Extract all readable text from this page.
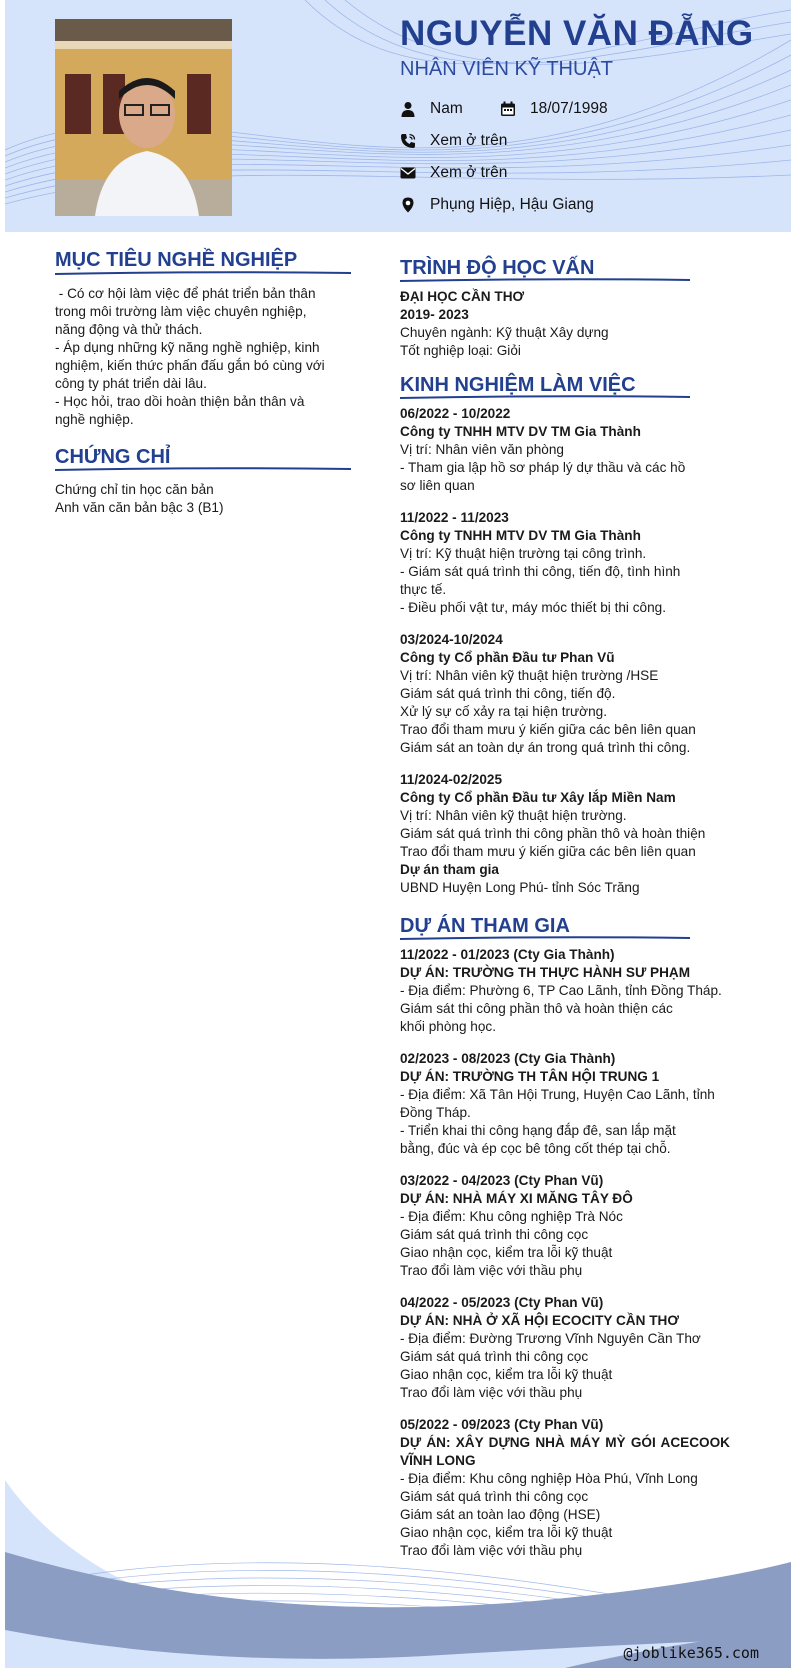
NGUYỄN VĂN ĐẴNG
NHÂN VIÊN KỸ THUẬT
Nam	18/07/1998
Xem ở trên
Xem ở trên
Phụng Hiệp, Hậu Giang
MỤC TIÊU NGHỀ NGHIỆP
- Có cơ hội làm việc để phát triển bản thân
trong môi trường làm việc chuyên nghiệp,
năng động và thử thách.
- Áp dụng những kỹ năng nghề nghiệp, kinh
nghiệm, kiến thức phấn đấu gắn bó cùng với
công ty phát triển dài lâu.
- Học hỏi, trao dồi hoàn thiện bản thân và
nghề nghiệp.
CHỨNG CHỈ
Chứng chỉ tin học căn bản
Anh văn căn bản bậc 3 (B1)
TRÌNH ĐỘ HỌC VẤN
ĐẠI HỌC CẦN THƠ
2019- 2023
Chuyên ngành: Kỹ thuật Xây dựng
Tốt nghiệp loại: Giỏi
KINH NGHIỆM LÀM VIỆC
06/2022 - 10/2022
Công ty TNHH MTV DV TM Gia Thành
Vị trí: Nhân viên văn phòng
- Tham gia lập hồ sơ pháp lý dự thầu và các hồ
sơ liên quan
11/2022 - 11/2023
Công ty TNHH MTV DV TM Gia Thành
Vị trí: Kỹ thuật hiện trường tại công trình.
- Giám sát quá trình thi công, tiến độ, tình hình
thực tế.
- Điều phối vật tư, máy móc thiết bị thi công.
03/2024-10/2024
Công ty Cổ phần Đầu tư Phan Vũ
Vị trí: Nhân viên kỹ thuật hiện trường /HSE
Giám sát quá trình thi công, tiến độ.
Xử lý sự cố xảy ra tại hiện trường.
Trao đổi tham mưu ý kiến giữa các bên liên quan
Giám sát an toàn dự án trong quá trình thi công.
11/2024-02/2025
Công ty Cổ phần Đầu tư Xây lắp Miền Nam
Vị trí: Nhân viên kỹ thuật hiện trường.
Giám sát quá trình thi công phần thô và hoàn thiện
Trao đổi tham mưu ý kiến giữa các bên liên quan
Dự án tham gia
UBND Huyện Long Phú- tỉnh Sóc Trăng
DỰ ÁN THAM GIA
11/2022 - 01/2023 (Cty Gia Thành)
DỰ ÁN: TRƯỜNG TH THỰC HÀNH SƯ PHẠM
- Địa điểm: Phường 6, TP Cao Lãnh, tỉnh Đồng Tháp.
Giám sát thi công phần thô và hoàn thiện các
khối phòng học.
02/2023 - 08/2023 (Cty Gia Thành)
DỰ ÁN: TRƯỜNG TH TÂN HỘI TRUNG 1
- Địa điểm: Xã Tân Hội Trung, Huyện Cao Lãnh, tỉnh
Đồng Tháp.
- Triển khai thi công hạng đắp đê, san lắp mặt
bằng, đúc và ép cọc bê tông cốt thép tại chỗ.
03/2022 - 04/2023 (Cty Phan Vũ)
DỰ ÁN: NHÀ MÁY XI MĂNG TÂY ĐÔ
- Địa điểm: Khu công nghiệp Trà Nóc
Giám sát quá trình thi công cọc
Giao nhận cọc, kiểm tra lỗi kỹ thuật
Trao đổi làm việc với thầu phụ
04/2022 - 05/2023 (Cty Phan Vũ)
DỰ ÁN: NHÀ Ở XÃ HỘI ECOCITY CẦN THƠ
- Địa điểm: Đường Trương Vĩnh Nguyên Cần Thơ
Giám sát quá trình thi công cọc
Giao nhận cọc, kiểm tra lỗi kỹ thuật
Trao đổi làm việc với thầu phụ
05/2022 - 09/2023 (Cty Phan Vũ)
DỰ ÁN: XÂY DỰNG NHÀ MÁY MỲ GÓI ACECOOK VĨNH LONG
- Địa điểm: Khu công nghiệp Hòa Phú, Vĩnh Long
Giám sát quá trình thi công cọc
Giám sát an toàn lao động (HSE)
Giao nhận cọc, kiểm tra lỗi kỹ thuật
Trao đổi làm việc với thầu phụ
@joblike365.com
